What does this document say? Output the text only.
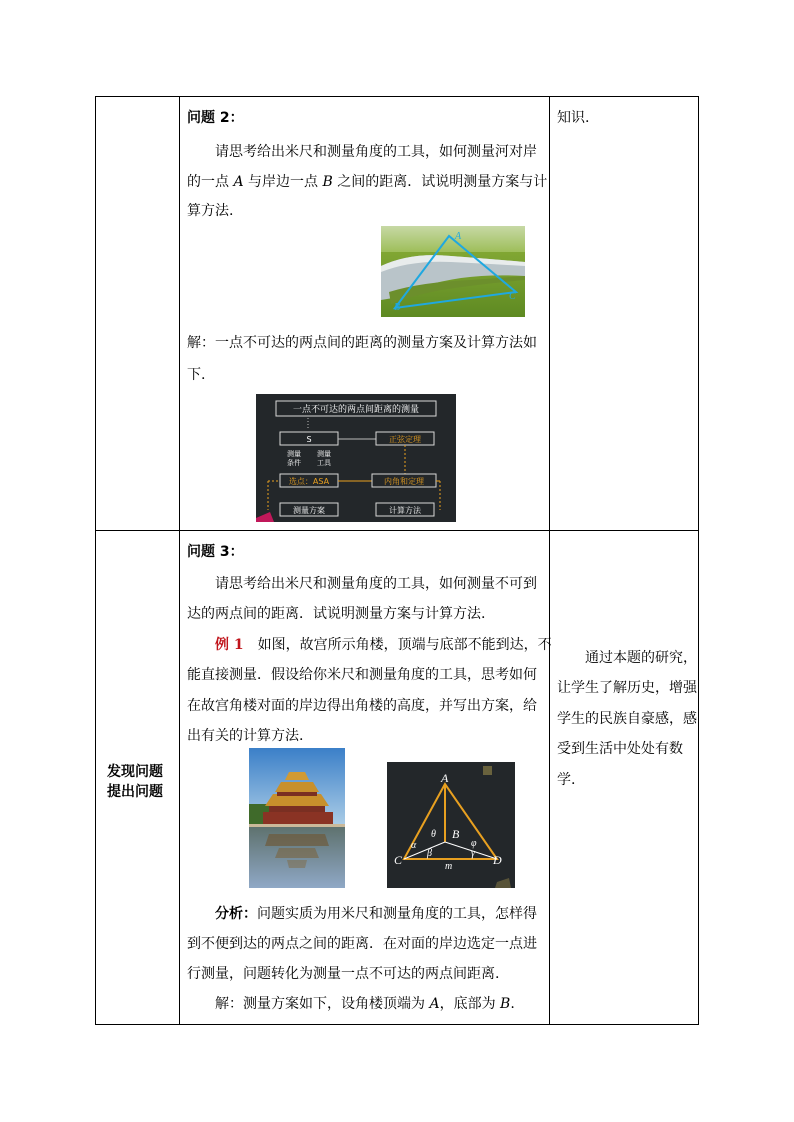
知识.
问题 2：
请思考给出米尺和测量角度的工具，如何测量河对岸
的一点 A 与岸边一点 B 之间的距离．试说明测量方案与计
算方法.
A
B
C
解：一点不可达的两点间的距离的测量方案及计算方法如
下.
一点不可达的两点间距离的测量
S	正弦定理
测量
条件
测量
工具
选点：ASA	内角和定理
测量方案	计算方法
问题 3：
请思考给出米尺和测量角度的工具，如何测量不可到
达的两点间的距离．试说明测量方案与计算方法.
例 1　如图，故宫所示角楼，顶端与底部不能到达，不
能直接测量．假设给你米尺和测量角度的工具，思考如何
在故宫角楼对面的岸边得出角楼的高度，并写出方案，给
出有关的计算方法.
A
B
C	D
m
θ
φ
α
β	γ
分析：问题实质为用米尺和测量角度的工具，怎样得
到不便到达的两点之间的距离．在对面的岸边选定一点进
行测量，问题转化为测量一点不可达的两点间距离.
解：测量方案如下，设角楼顶端为 A，底部为 B.
发现问题
提出问题
通过本题的研究，
让学生了解历史，增强
学生的民族自豪感，感
受到生活中处处有数
学.
